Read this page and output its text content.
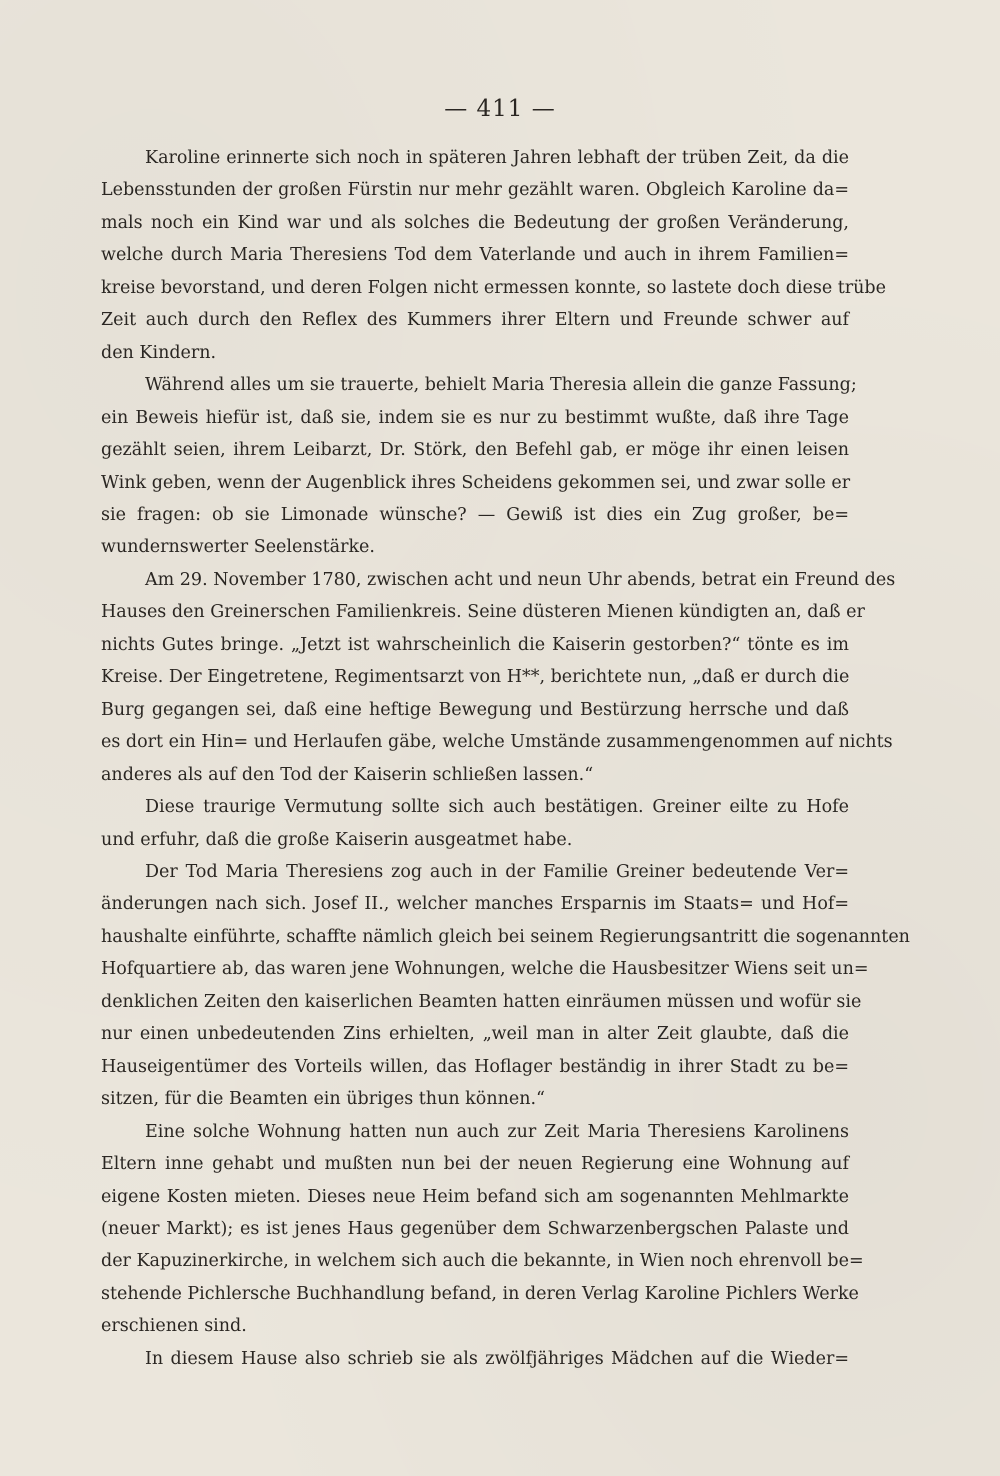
— 411 —

Karoline erinnerte sich noch in späteren Jahren lebhaft der trüben Zeit, da die
Lebensstunden der großen Fürstin nur mehr gezählt waren. Obgleich Karoline da=
mals noch ein Kind war und als solches die Bedeutung der großen Veränderung,
welche durch Maria Theresiens Tod dem Vaterlande und auch in ihrem Familien=
kreise bevorstand, und deren Folgen nicht ermessen konnte, so lastete doch diese trübe
Zeit auch durch den Reflex des Kummers ihrer Eltern und Freunde schwer auf
den Kindern.

Während alles um sie trauerte, behielt Maria Theresia allein die ganze Fassung;
ein Beweis hiefür ist, daß sie, indem sie es nur zu bestimmt wußte, daß ihre Tage
gezählt seien, ihrem Leibarzt, Dr. Störk, den Befehl gab, er möge ihr einen leisen
Wink geben, wenn der Augenblick ihres Scheidens gekommen sei, und zwar solle er
sie fragen: ob sie Limonade wünsche? — Gewiß ist dies ein Zug großer, be=
wundernswerter Seelenstärke.

Am 29. November 1780, zwischen acht und neun Uhr abends, betrat ein Freund des
Hauses den Greinerschen Familienkreis. Seine düsteren Mienen kündigten an, daß er
nichts Gutes bringe. „Jetzt ist wahrscheinlich die Kaiserin gestorben?“ tönte es im
Kreise. Der Eingetretene, Regimentsarzt von H**, berichtete nun, „daß er durch die
Burg gegangen sei, daß eine heftige Bewegung und Bestürzung herrsche und daß
es dort ein Hin= und Herlaufen gäbe, welche Umstände zusammengenommen auf nichts
anderes als auf den Tod der Kaiserin schließen lassen.“

Diese traurige Vermutung sollte sich auch bestätigen. Greiner eilte zu Hofe
und erfuhr, daß die große Kaiserin ausgeatmet habe.

Der Tod Maria Theresiens zog auch in der Familie Greiner bedeutende Ver=
änderungen nach sich. Josef II., welcher manches Ersparnis im Staats= und Hof=
haushalte einführte, schaffte nämlich gleich bei seinem Regierungsantritt die sogenannten
Hofquartiere ab, das waren jene Wohnungen, welche die Hausbesitzer Wiens seit un=
denklichen Zeiten den kaiserlichen Beamten hatten einräumen müssen und wofür sie
nur einen unbedeutenden Zins erhielten, „weil man in alter Zeit glaubte, daß die
Hauseigentümer des Vorteils willen, das Hoflager beständig in ihrer Stadt zu be=
sitzen, für die Beamten ein übriges thun können.“

Eine solche Wohnung hatten nun auch zur Zeit Maria Theresiens Karolinens
Eltern inne gehabt und mußten nun bei der neuen Regierung eine Wohnung auf
eigene Kosten mieten. Dieses neue Heim befand sich am sogenannten Mehlmarkte
(neuer Markt); es ist jenes Haus gegenüber dem Schwarzenbergschen Palaste und
der Kapuzinerkirche, in welchem sich auch die bekannte, in Wien noch ehrenvoll be=
stehende Pichlersche Buchhandlung befand, in deren Verlag Karoline Pichlers Werke
erschienen sind.

In diesem Hause also schrieb sie als zwölfjähriges Mädchen auf die Wieder=
